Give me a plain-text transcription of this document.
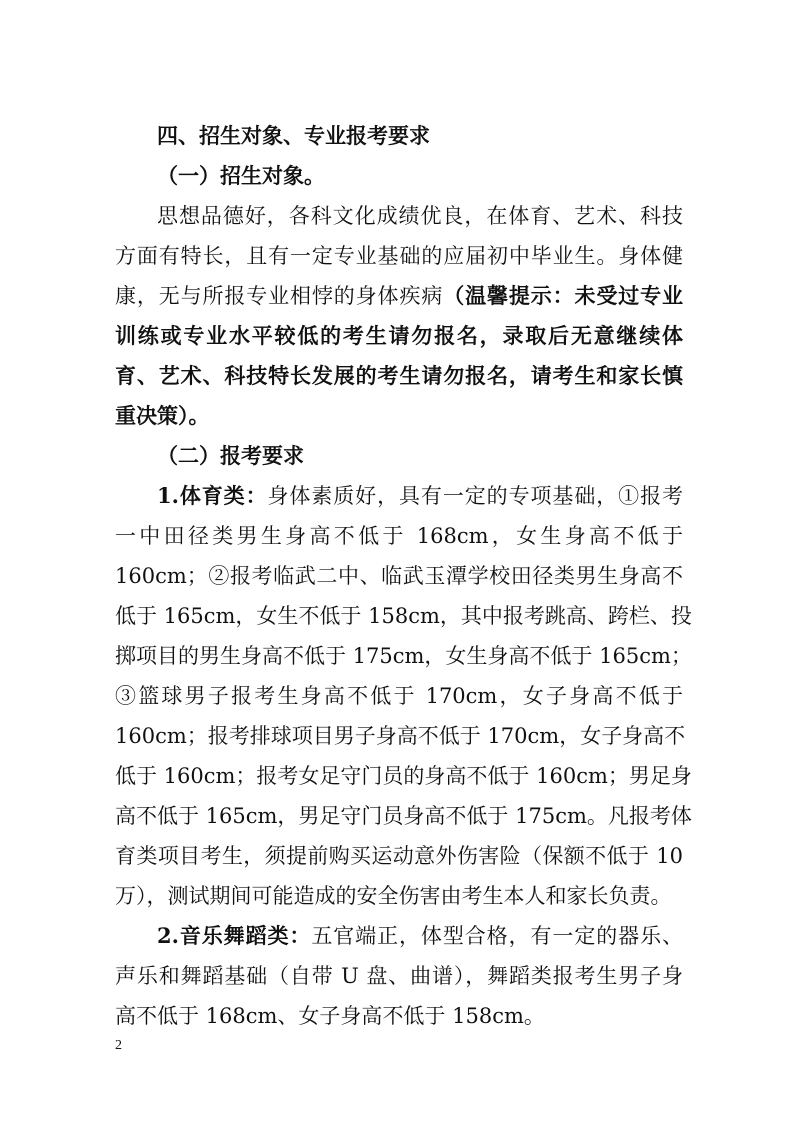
四、招生对象、专业报考要求
（一）招生对象。
思想品德好，各科文化成绩优良，在体育、艺术、科技
方面有特长，且有一定专业基础的应届初中毕业生。身体健
康，无与所报专业相悖的身体疾病（温馨提示：未受过专业
训练或专业水平较低的考生请勿报名，录取后无意继续体
育、艺术、科技特长发展的考生请勿报名，请考生和家长慎
重决策）。
（二）报考要求
1.体育类：身体素质好，具有一定的专项基础，①报考
一中田径类男生身高不低于 168cm，女生身高不低于
160cm；②报考临武二中、临武玉潭学校田径类男生身高不
低于 165cm，女生不低于 158cm，其中报考跳高、跨栏、投
掷项目的男生身高不低于 175cm，女生身高不低于 165cm；
③篮球男子报考生身高不低于 170cm，女子身高不低于
160cm；报考排球项目男子身高不低于 170cm，女子身高不
低于 160cm；报考女足守门员的身高不低于 160cm；男足身
高不低于 165cm，男足守门员身高不低于 175cm。凡报考体
育类项目考生，须提前购买运动意外伤害险（保额不低于 10
万），测试期间可能造成的安全伤害由考生本人和家长负责。
2.音乐舞蹈类：五官端正，体型合格，有一定的器乐、
声乐和舞蹈基础（自带 U 盘、曲谱），舞蹈类报考生男子身
高不低于 168cm、女子身高不低于 158cm。
2
